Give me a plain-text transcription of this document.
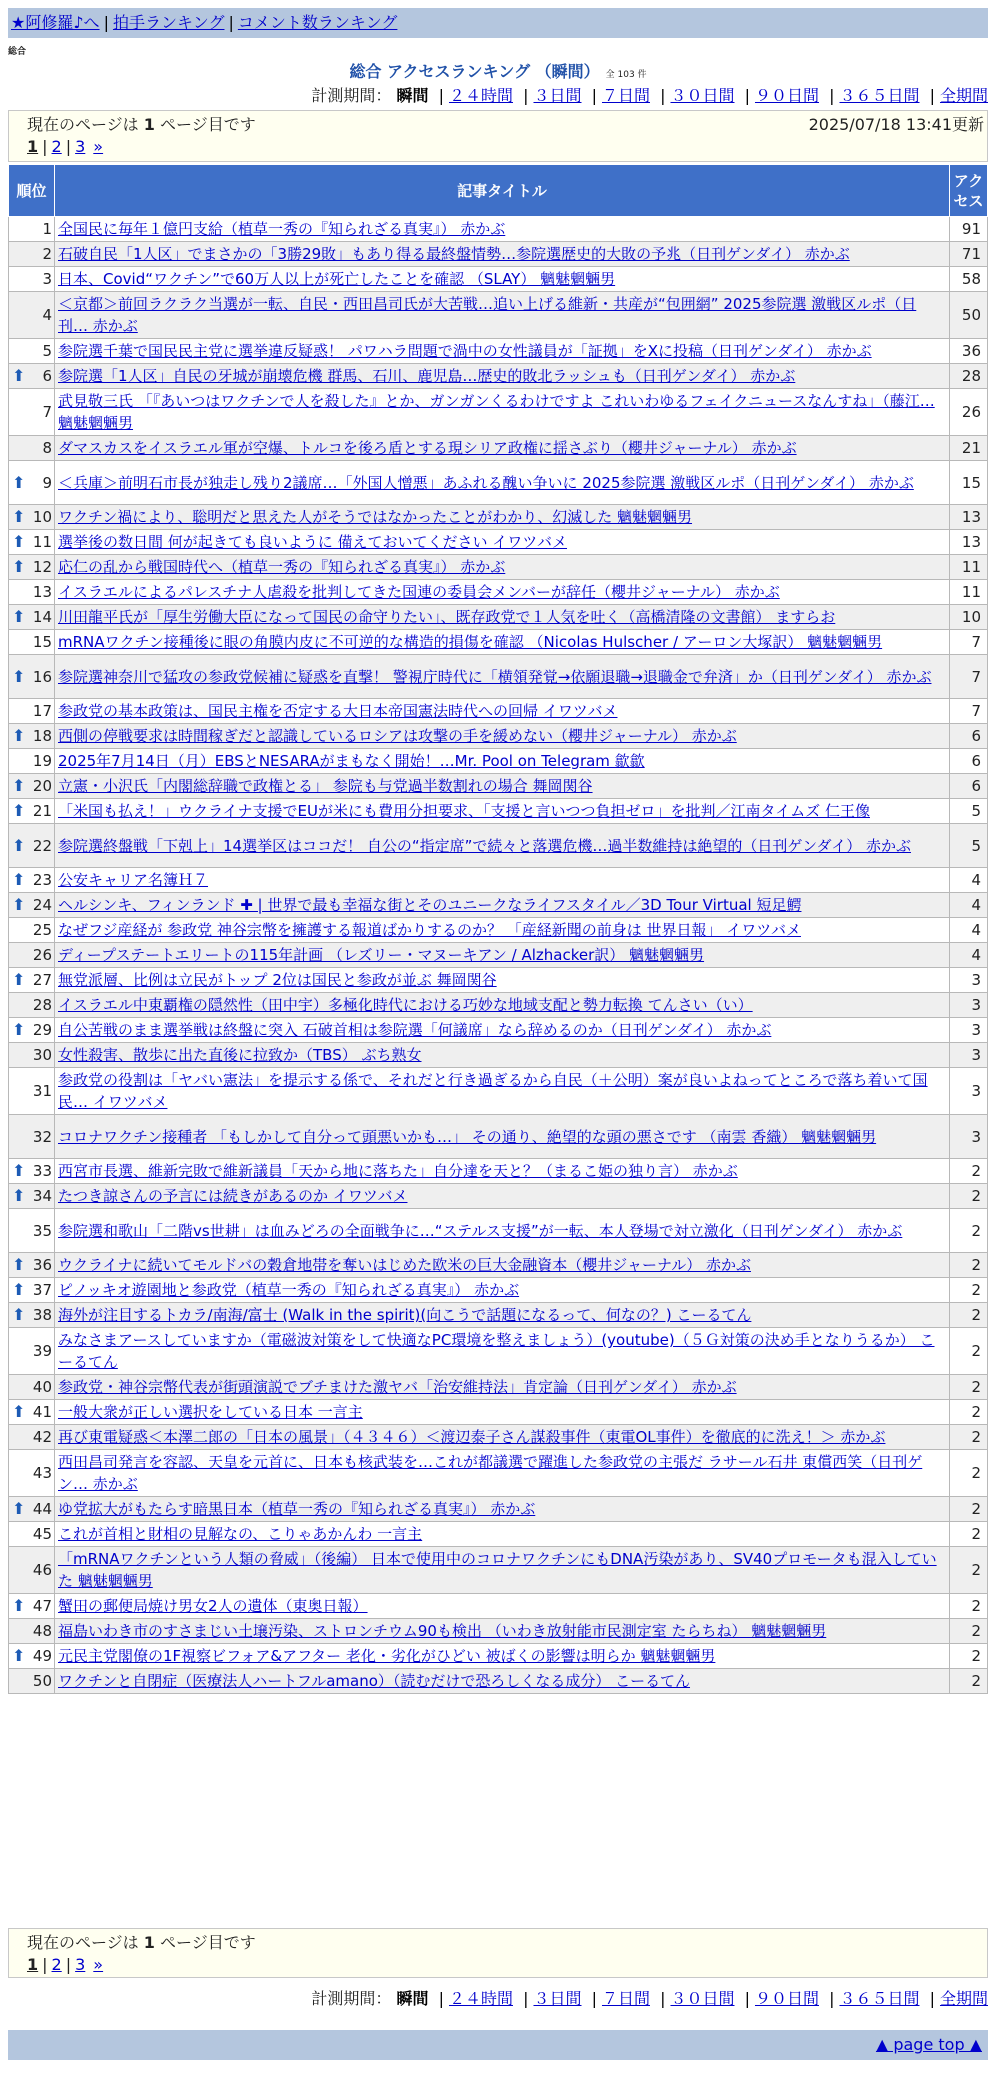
★阿修羅♪へ | 拍手ランキング | コメント数ランキング
総合
総合 アクセスランキング （瞬間） 全 103 件
計測期間： 瞬間 | ２４時間 | ３日間 | ７日間 | ３０日間 | ９０日間 | ３６５日間 | 全期間
現在のページは 1 ページ目です	2025/07/18 13:41更新
1 | 2 | 3 »
順位	記事タイトル	アクセス
1	全国民に毎年１億円支給（植草一秀の『知られざる真実』） 赤かぶ	91
2	石破自民「1人区」でまさかの「3勝29敗」もあり得る最終盤情勢…参院選歴史的大敗の予兆（日刊ゲンダイ） 赤かぶ	71
3	日本、Covid“ワクチン”で60万人以上が死亡したことを確認 （SLAY） 魑魅魍魎男	58
4	＜京都＞前回ラクラク当選が一転、自民・西田昌司氏が大苦戦…追い上げる維新・共産が“包囲網” 2025参院選 激戦区ルポ（日刊… 赤かぶ	50
5	参院選千葉で国民民主党に選挙違反疑惑！ パワハラ問題で渦中の女性議員が「証拠」をXに投稿（日刊ゲンダイ） 赤かぶ	36

⬆ 6	参院選「1人区」自民の牙城が崩壊危機 群馬、石川、鹿児島…歴史的敗北ラッシュも（日刊ゲンダイ） 赤かぶ	28
7	武見敬三氏 「『あいつはワクチンで人を殺した』とか、ガンガンくるわけですよ これいわゆるフェイクニュースなんすね」（藤江… 魑魅魍魎男	26
8	ダマスカスをイスラエル軍が空爆、トルコを後ろ盾とする現シリア政権に揺さぶり（櫻井ジャーナル） 赤かぶ	21

⬆ 9	＜兵庫＞前明石市長が独走し残り2議席…「外国人憎悪」あふれる醜い争いに 2025参院選 激戦区ルポ（日刊ゲンダイ） 赤かぶ	15

⬆ 10	ワクチン禍により、聡明だと思えた人がそうではなかったことがわかり、幻滅した 魑魅魍魎男	13

⬆ 11	選挙後の数日間 何が起きても良いように 備えておいてください イワツバメ	13

⬆ 12	応仁の乱から戦国時代へ（植草一秀の『知られざる真実』） 赤かぶ	11
13	イスラエルによるパレスチナ人虐殺を批判してきた国連の委員会メンバーが辞任（櫻井ジャーナル） 赤かぶ	11

⬆ 14	川田龍平氏が「厚生労働大臣になって国民の命守りたい」、既存政党で１人気を吐く（高橋清隆の文書館） ますらお	10
15	mRNAワクチン接種後に眼の角膜内皮に不可逆的な構造的損傷を確認 （Nicolas Hulscher / アーロン大塚訳） 魑魅魍魎男	7

⬆ 16	参院選神奈川で猛攻の参政党候補に疑惑を直撃！ 警視庁時代に「横領発覚→依願退職→退職金で弁済」か（日刊ゲンダイ） 赤かぶ	7
17	参政党の基本政策は、国民主権を否定する大日本帝国憲法時代への回帰 イワツバメ	7

⬆ 18	西側の停戦要求は時間稼ぎだと認識しているロシアは攻撃の手を緩めない（櫻井ジャーナル） 赤かぶ	6
19	2025年7月14日（月）EBSとNESARAがまもなく開始！…Mr. Pool on Telegram 歙歙	6

⬆ 20	立憲・小沢氏「内閣総辞職で政権とる」 参院も与党過半数割れの場合 舞岡関谷	6

⬆ 21	「米国も払え！」ウクライナ支援でEUが米にも費用分担要求、「支援と言いつつ負担ゼロ」を批判／江南タイムズ 仁王像	5

⬆ 22	参院選終盤戦「下剋上」14選挙区はココだ！ 自公の“指定席”で続々と落選危機…過半数維持は絶望的（日刊ゲンダイ） 赤かぶ	5

⬆ 23	公安キャリア名簿Ｈ７	4

⬆ 24	ヘルシンキ、フィンランド ✚ | 世界で最も幸福な街とそのユニークなライフスタイル／3D Tour Virtual 短足鰐	4
25	なぜフジ産経が 参政党 神谷宗幣を擁護する報道ばかりするのか？ 「産経新聞の前身は 世界日報」 イワツバメ	4
26	ディープステートエリートの115年計画 （レズリー・マヌーキアン / Alzhacker訳） 魑魅魍魎男	4

⬆ 27	無党派層、比例は立民がトップ 2位は国民と参政が並ぶ 舞岡関谷	3
28	イスラエル中東覇権の隠然性（田中宇）多極化時代における巧妙な地域支配と勢力転換 てんさい（い）	3

⬆ 29	自公苦戦のまま選挙戦は終盤に突入 石破首相は参院選「何議席」なら辞めるのか（日刊ゲンダイ） 赤かぶ	3
30	女性殺害、散歩に出た直後に拉致か（TBS） ぶち熟女	3
31	参政党の役割は「ヤバい憲法」を提示する係で、それだと行き過ぎるから自民（＋公明）案が良いよねってところで落ち着いて国民… イワツバメ	3
32	コロナワクチン接種者 「もしかして自分って頭悪いかも…」 その通り、絶望的な頭の悪さです （南雲 香織） 魑魅魍魎男	3

⬆ 33	西宮市長選、維新完敗で維新議員「天から地に落ちた」自分達を天と？（まるこ姫の独り言） 赤かぶ	2

⬆ 34	たつき諒さんの予言には続きがあるのか イワツバメ	2
35	参院選和歌山「二階vs世耕」は血みどろの全面戦争に…“ステルス支援”が一転、本人登場で対立激化（日刊ゲンダイ） 赤かぶ	2

⬆ 36	ウクライナに続いてモルドバの穀倉地帯を奪いはじめた欧米の巨大金融資本（櫻井ジャーナル） 赤かぶ	2

⬆ 37	ピノッキオ遊園地と参政党（植草一秀の『知られざる真実』） 赤かぶ	2

⬆ 38	海外が注目するトカラ/南海/富士 (Walk in the spirit)(向こうで話題になるって、何なの？) こーるてん	2
39	みなさまアースしていますか（電磁波対策をして快適なPC環境を整えましょう）(youtube)（５Ｇ対策の決め手となりうるか） こーるてん	2
40	参政党・神谷宗幣代表が街頭演説でブチまけた激ヤバ「治安維持法」肯定論（日刊ゲンダイ） 赤かぶ	2

⬆ 41	一般大衆が正しい選択をしている日本 一言主	2
42	再び東電疑惑＜本澤二郎の「日本の風景」（４３４６）＜渡辺泰子さん謀殺事件（東電OL事件）を徹底的に洗え！＞ 赤かぶ	2
43	西田昌司発言を容認、天皇を元首に、日本も核武装を…これが都議選で躍進した参政党の主張だ ラサール石井 東償西笑（日刊ゲン… 赤かぶ	2

⬆ 44	ゆ党拡大がもたらす暗黒日本（植草一秀の『知られざる真実』） 赤かぶ	2
45	これが首相と財相の見解なの、こりゃあかんわ 一言主	2
46	「mRNAワクチンという人類の脅威」（後編） 日本で使用中のコロナワクチンにもDNA汚染があり、SV40プロモータも混入していた 魑魅魍魎男	2

⬆ 47	蟹田の郵便局焼け男女2人の遺体（東奥日報）	2
48	福島いわき市のすさまじい土壌汚染、ストロンチウム90も検出 （いわき放射能市民測定室 たらちね） 魑魅魍魎男	2

⬆ 49	元民主党閣僚の1F視察ビフォア&アフター 老化・劣化がひどい 被ばくの影響は明らか 魑魅魍魎男	2
50	ワクチンと自閉症（医療法人ハートフルamano）（読むだけで恐ろしくなる成分） こーるてん	2
現在のページは 1 ページ目です
1 | 2 | 3 »
計測期間： 瞬間 | ２４時間 | ３日間 | ７日間 | ３０日間 | ９０日間 | ３６５日間 | 全期間
▲ page top ▲
